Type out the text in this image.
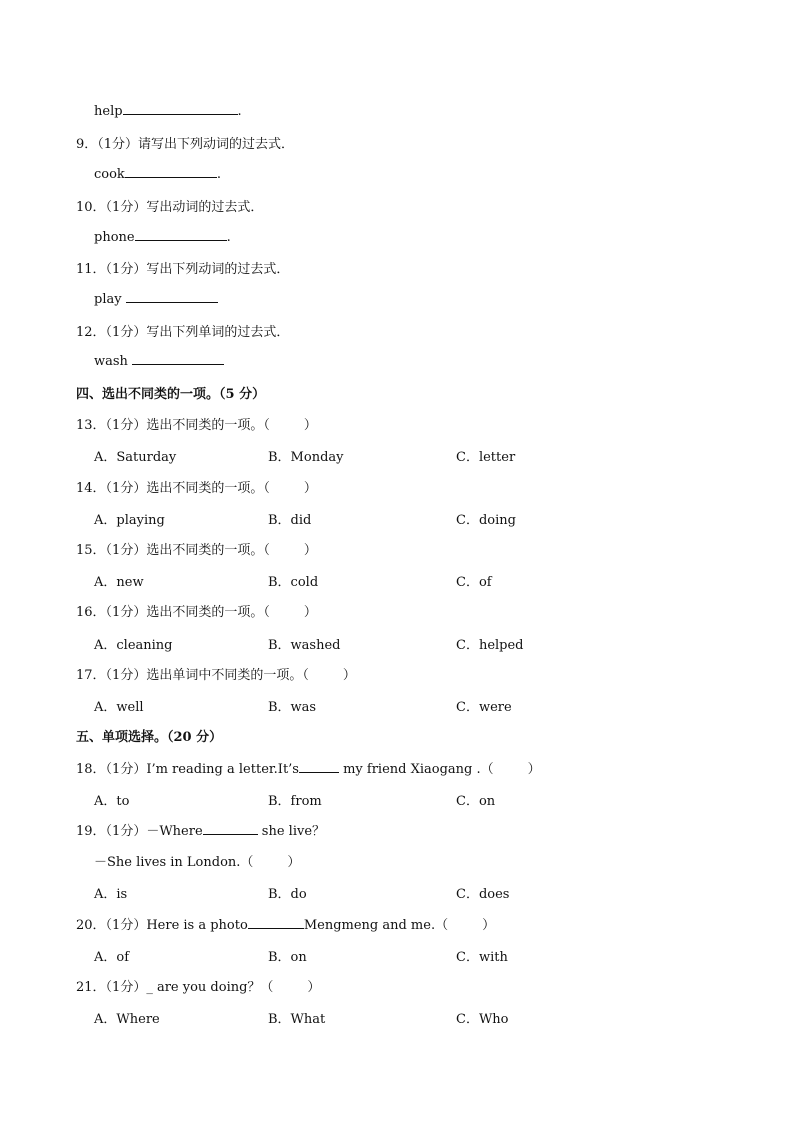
help	.
9．（1分）请写出下列动词的过去式．
cook	.
10．（1分）写出动词的过去式．
phone	.
11．（1分）写出下列动词的过去式．
play
12．（1分）写出下列单词的过去式．
wash
四、选出不同类的一项。（5 分）
13．（1分）选出不同类的一项。（	）
A．Saturday	B．Monday	C．letter
14．（1分）选出不同类的一项。（	）
A．playing	B．did	C．doing
15．（1分）选出不同类的一项。（	）
A．new	B．cold	C．of
16．（1分）选出不同类的一项。（	）
A．cleaning	B．washed	C．helped
17．（1分）选出单词中不同类的一项。（	）
A．well	B．was	C．were
五、单项选择。（20 分）
18．（1分）I’m reading a letter.It’s	my friend Xiaogang .（	）
A．to	B．from	C．on
19．（1分）－Where	she live？
－She lives in London.（	）
A．is	B．do	C．does
20．（1分）Here is a photo	Mengmeng and me.（	）
A．of	B．on	C．with
21．（1分）_ are you doing？（	）
A．Where	B．What	C．Who
